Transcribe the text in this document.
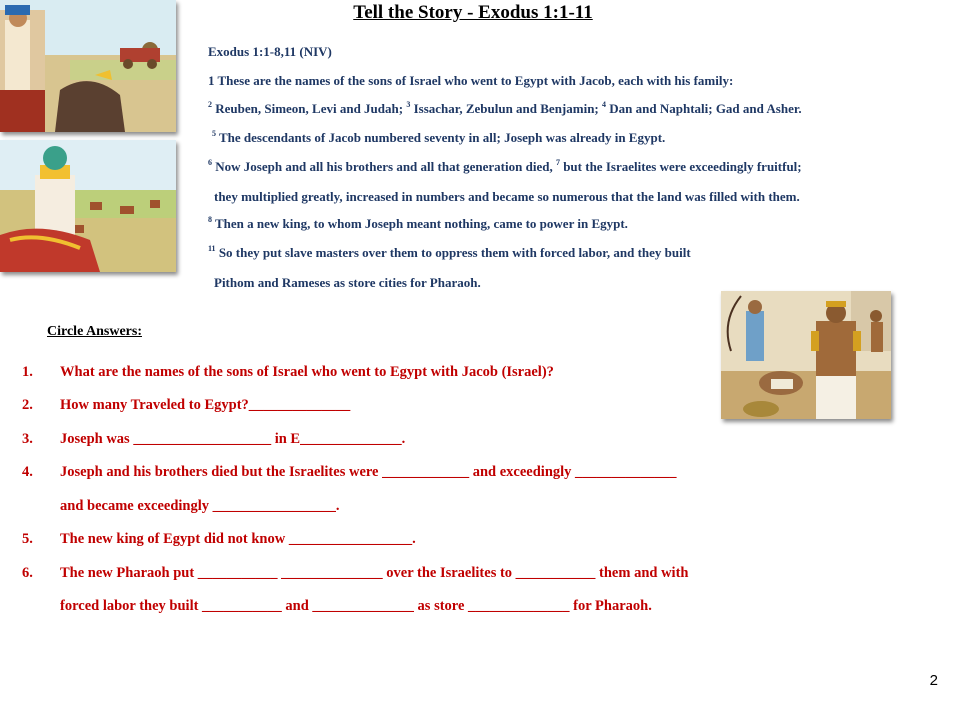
Tell the Story - Exodus 1:1-11
Exodus 1:1-8,11 (NIV)
1 These are the names of the sons of Israel who went to Egypt with Jacob, each with his family:
$^2$ Reuben, Simeon, Levi and Judah; $^3$ Issachar, Zebulun and Benjamin; $^4$ Dan and Naphtali; Gad and Asher.
$^5$ The descendants of Jacob numbered seventy in all; Joseph was already in Egypt.
$^6$ Now Joseph and all his brothers and all that generation died, $^7$ but the Israelites were exceedingly fruitful;
they multiplied greatly, increased in numbers and became so numerous that the land was filled with them.
$^8$ Then a new king, to whom Joseph meant nothing, came to power in Egypt.
$^{11}$ So they put slave masters over them to oppress them with forced labor, and they built
Pithom and Rameses as store cities for Pharaoh.
Circle Answers:
1. What are the names of the sons of Israel who went to Egypt with Jacob (Israel)?
2. How many Traveled to Egypt?______________
3. Joseph was ___________________ in E______________.
4. Joseph and his brothers died but the Israelites were ____________ and exceedingly ______________
and became exceedingly _________________.
5. The new king of Egypt did not know _________________.
6. The new Pharaoh put ___________ ______________ over the Israelites to ___________ them and with
forced labor they built ___________ and ______________ as store ______________ for Pharaoh.
2
